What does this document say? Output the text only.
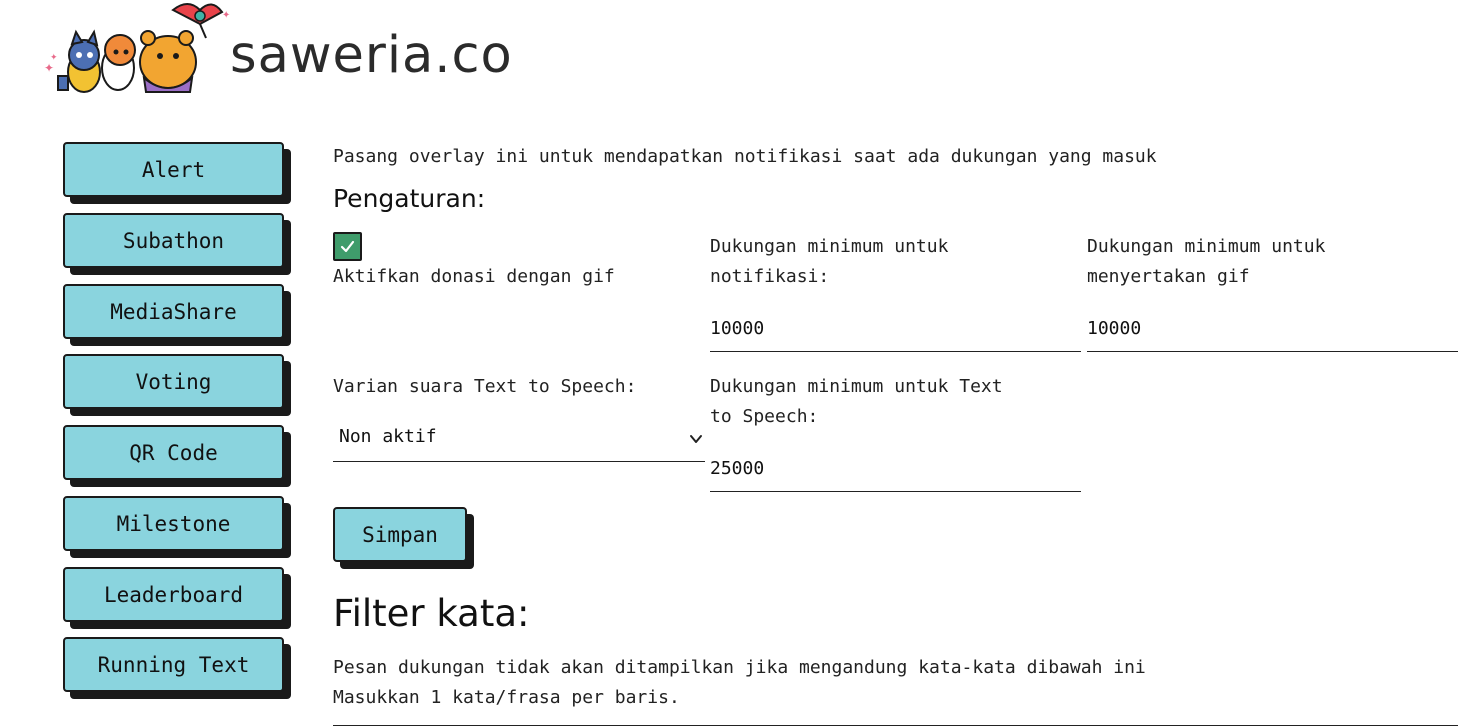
✦
✦
✦
saweria.co
Alert
Subathon
MediaShare
Voting
QR Code
Milestone
Leaderboard
Running Text
Pasang overlay ini untuk mendapatkan notifikasi saat ada dukungan yang masuk
Pengaturan:
Aktifkan donasi dengan gif
Dukungan minimum untuk
notifikasi:
10000
Dukungan minimum untuk
menyertakan gif
10000
Varian suara Text to Speech:
Non aktif
Dukungan minimum untuk Text
to Speech:
25000
Simpan
Filter kata:
Pesan dukungan tidak akan ditampilkan jika mengandung kata-kata dibawah ini
Masukkan 1 kata/frasa per baris.
